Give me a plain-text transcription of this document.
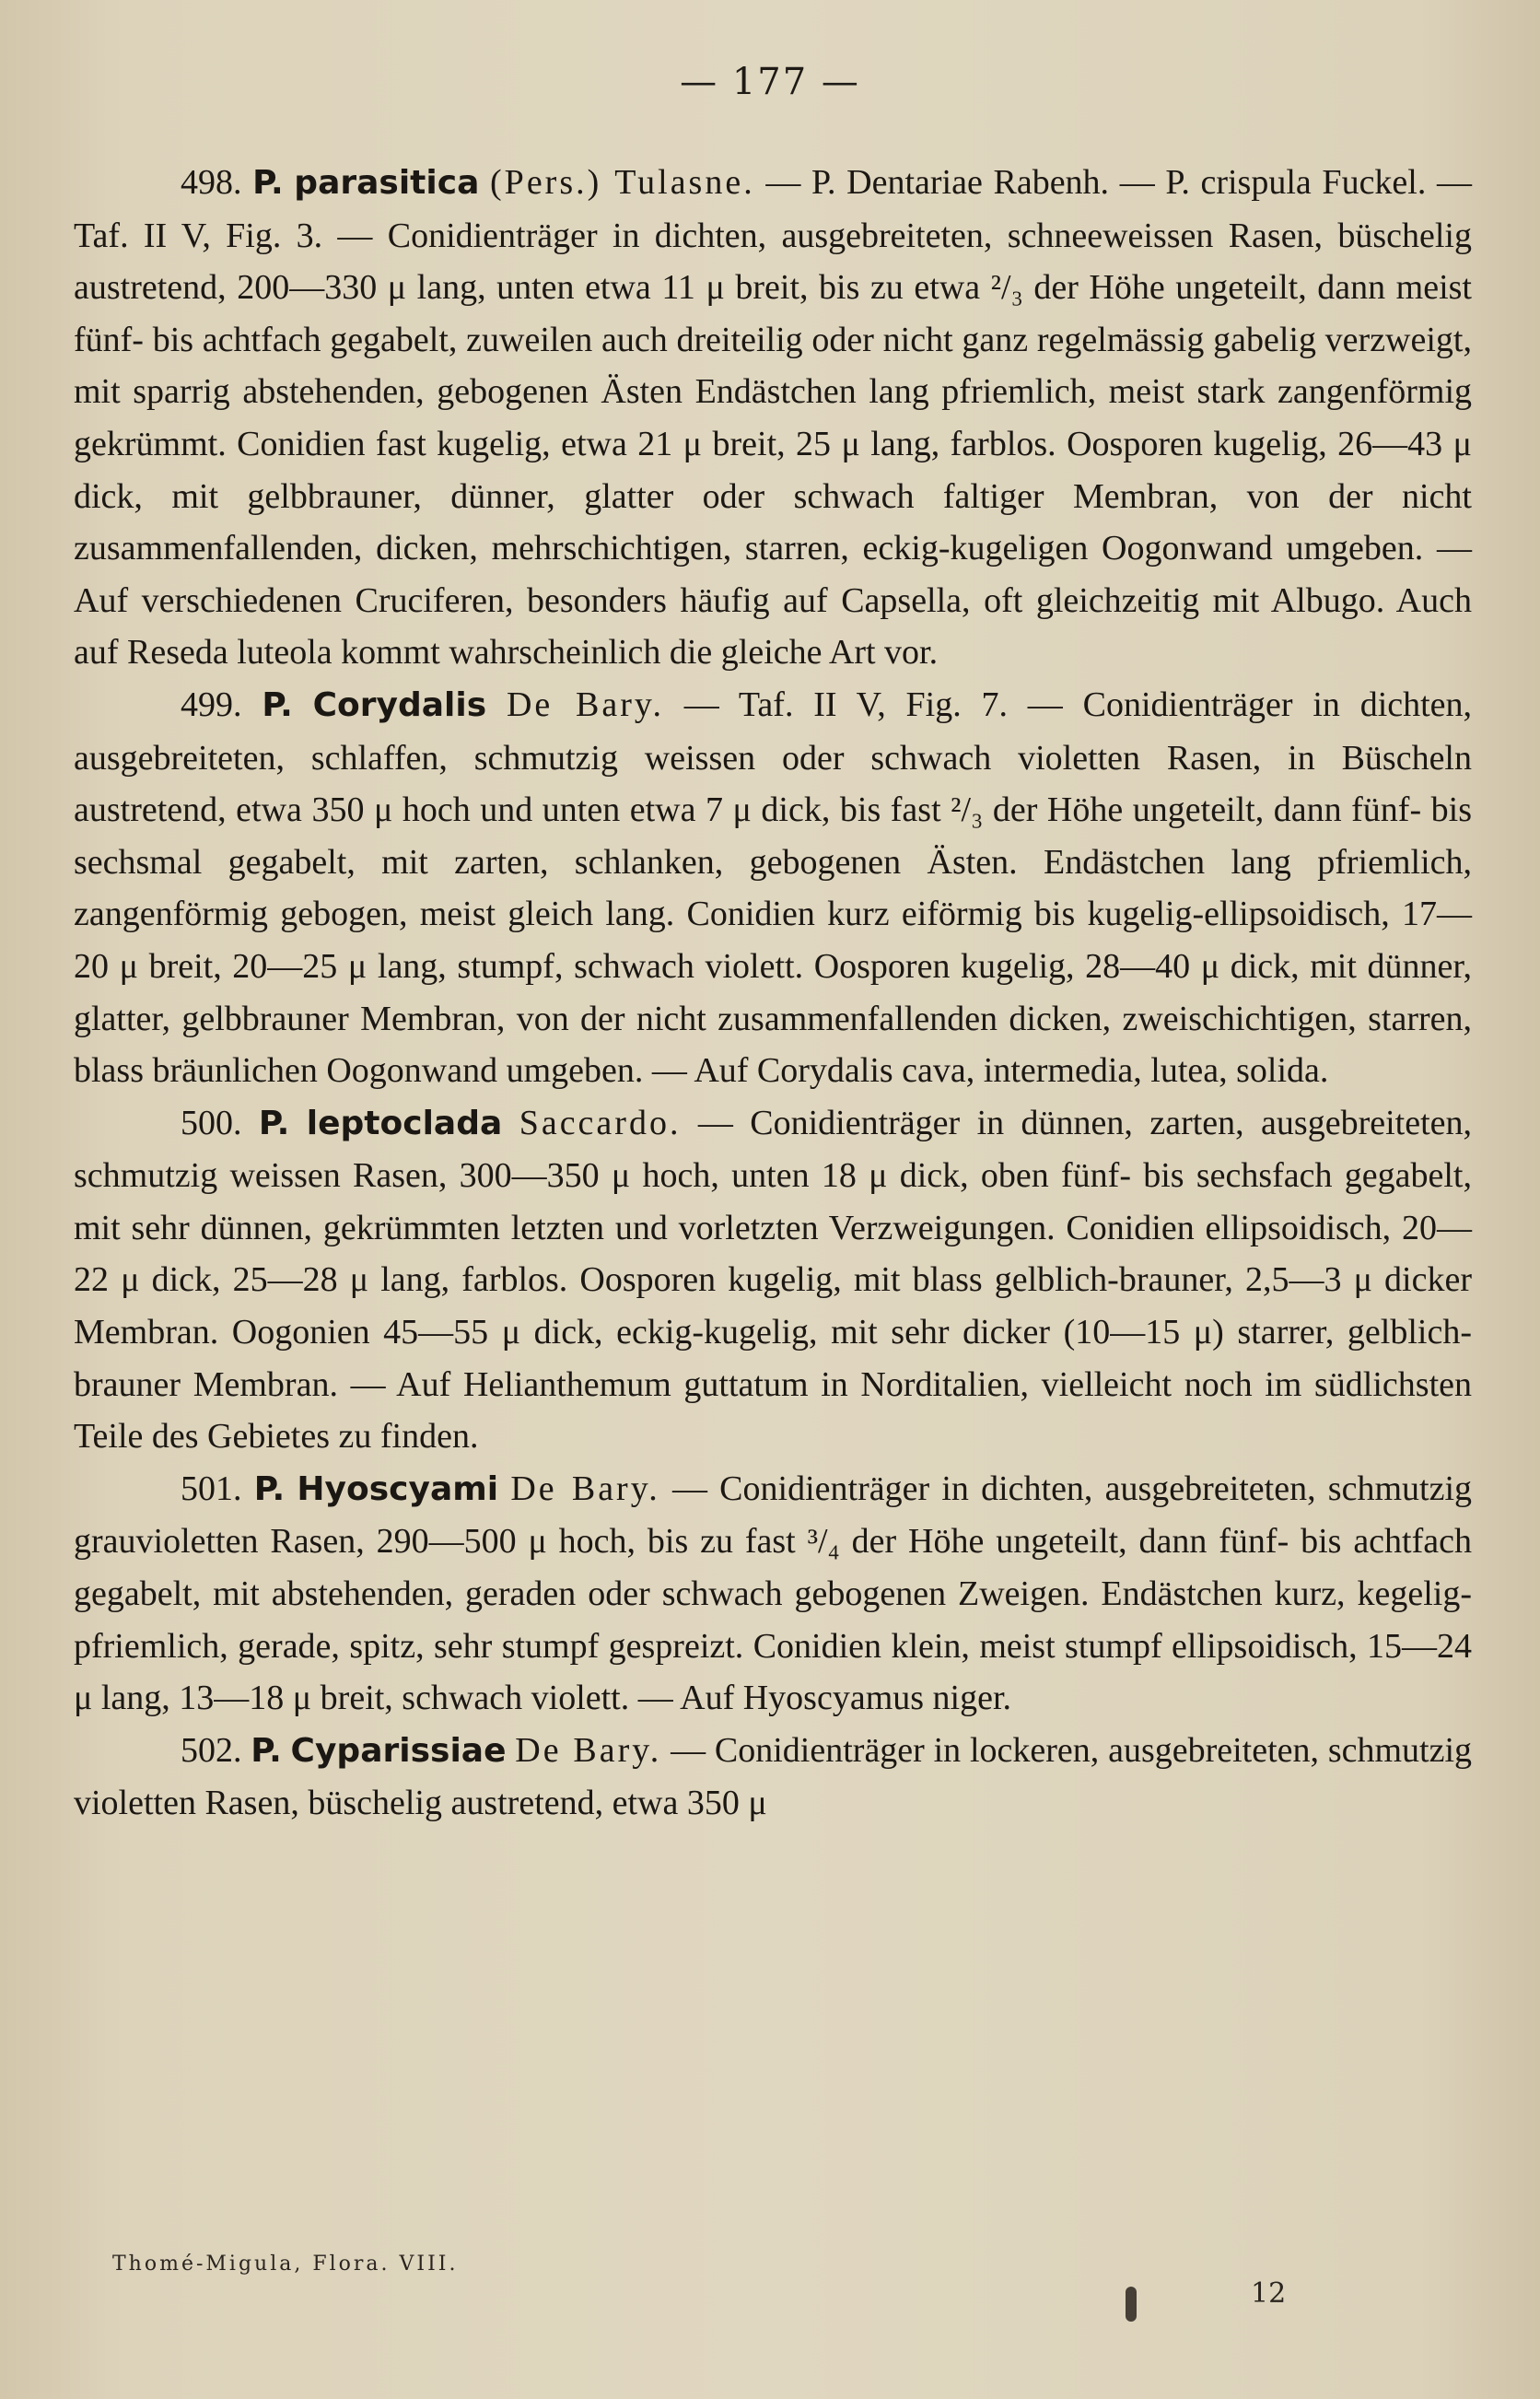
— 177 —

498. P. parasitica (Pers.) Tulasne. — P. Dentariae Rabenh. — P. crispula Fuckel. — Taf. II V, Fig. 3. — Conidienträger in dichten, ausgebreiteten, schneeweissen Rasen, büschelig austretend, 200—330 μ lang, unten etwa 11 μ breit, bis zu etwa ²/₃ der Höhe ungeteilt, dann meist fünf- bis achtfach gegabelt, zuweilen auch dreiteilig oder nicht ganz regelmässig gabelig verzweigt, mit sparrig abstehenden, gebogenen Ästen Endästchen lang pfriemlich, meist stark zangenförmig gekrümmt. Conidien fast kugelig, etwa 21 μ breit, 25 μ lang, farblos. Oosporen kugelig, 26—43 μ dick, mit gelbbrauner, dünner, glatter oder schwach faltiger Membran, von der nicht zusammenfallenden, dicken, mehrschichtigen, starren, eckig-kugeligen Oogonwand umgeben. — Auf verschiedenen Cruciferen, besonders häufig auf Capsella, oft gleichzeitig mit Albugo. Auch auf Reseda luteola kommt wahrscheinlich die gleiche Art vor.

499. P. Corydalis De Bary. — Taf. II V, Fig. 7. — Conidienträger in dichten, ausgebreiteten, schlaffen, schmutzig weissen oder schwach violetten Rasen, in Büscheln austretend, etwa 350 μ hoch und unten etwa 7 μ dick, bis fast ²/₃ der Höhe ungeteilt, dann fünf- bis sechsmal gegabelt, mit zarten, schlanken, gebogenen Ästen. Endästchen lang pfriemlich, zangenförmig gebogen, meist gleich lang. Conidien kurz eiförmig bis kugelig-ellipsoidisch, 17—20 μ breit, 20—25 μ lang, stumpf, schwach violett. Oosporen kugelig, 28—40 μ dick, mit dünner, glatter, gelbbrauner Membran, von der nicht zusammenfallenden dicken, zweischichtigen, starren, blass bräunlichen Oogonwand umgeben. — Auf Corydalis cava, intermedia, lutea, solida.

500. P. leptoclada Saccardo. — Conidienträger in dünnen, zarten, ausgebreiteten, schmutzig weissen Rasen, 300—350 μ hoch, unten 18 μ dick, oben fünf- bis sechsfach gegabelt, mit sehr dünnen, gekrümmten letzten und vorletzten Verzweigungen. Conidien ellipsoidisch, 20—22 μ dick, 25—28 μ lang, farblos. Oosporen kugelig, mit blass gelblich-brauner, 2,5—3 μ dicker Membran. Oogonien 45—55 μ dick, eckig-kugelig, mit sehr dicker (10—15 μ) starrer, gelblich-brauner Membran. — Auf Helianthemum guttatum in Norditalien, vielleicht noch im südlichsten Teile des Gebietes zu finden.

501. P. Hyoscyami De Bary. — Conidienträger in dichten, ausgebreiteten, schmutzig grauvioletten Rasen, 290—500 μ hoch, bis zu fast ³/₄ der Höhe ungeteilt, dann fünf- bis achtfach gegabelt, mit abstehenden, geraden oder schwach gebogenen Zweigen. Endästchen kurz, kegelig-pfriemlich, gerade, spitz, sehr stumpf gespreizt. Conidien klein, meist stumpf ellipsoidisch, 15—24 μ lang, 13—18 μ breit, schwach violett. — Auf Hyoscyamus niger.

502. P. Cyparissiae De Bary. — Conidienträger in lockeren, ausgebreiteten, schmutzig violetten Rasen, büschelig austretend, etwa 350 μ

Thomé-Migula, Flora. VIII.
12
